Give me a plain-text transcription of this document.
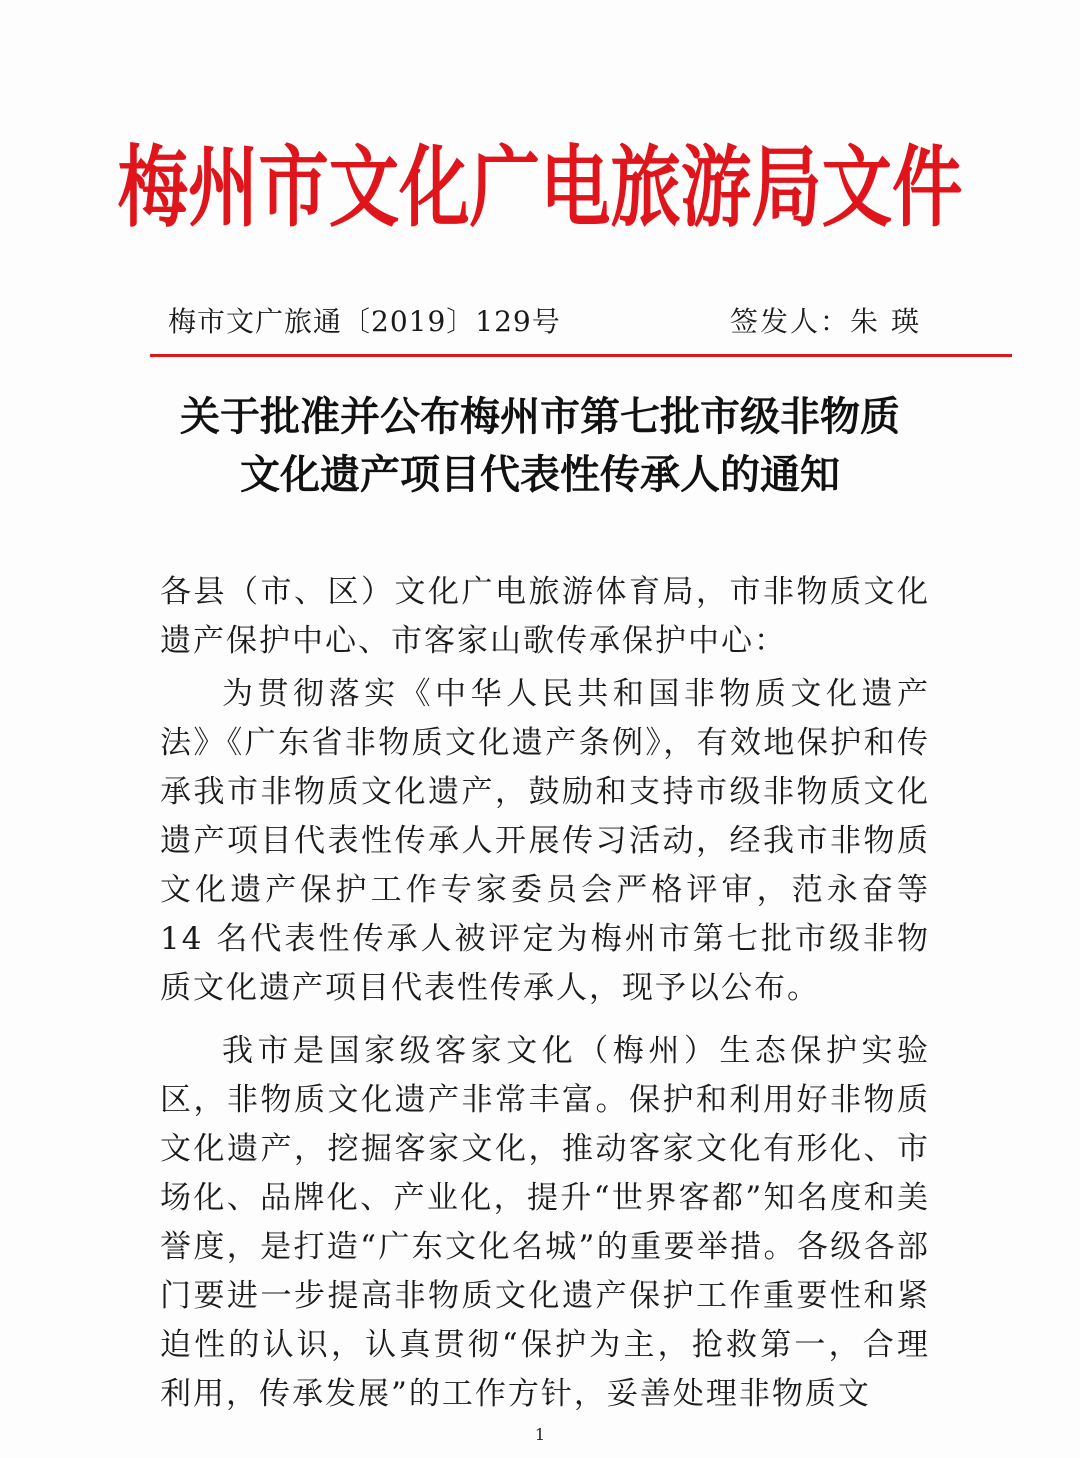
梅州市文化广电旅游局文件
梅市文广旅通〔2019〕129号	签发人：朱 瑛
关于批准并公布梅州市第七批市级非物质
文化遗产项目代表性传承人的通知

各县（市、区）文化广电旅游体育局，市非物质文化遗产保护中心、市客家山歌传承保护中心：

为贯彻落实《中华人民共和国非物质文化遗产法》《广东省非物质文化遗产条例》，有效地保护和传承我市非物质文化遗产，鼓励和支持市级非物质文化遗产项目代表性传承人开展传习活动，经我市非物质文化遗产保护工作专家委员会严格评审，范永奋等 14 名代表性传承人被评定为梅州市第七批市级非物质文化遗产项目代表性传承人，现予以公布。

我市是国家级客家文化（梅州）生态保护实验区，非物质文化遗产非常丰富。保护和利用好非物质文化遗产，挖掘客家文化，推动客家文化有形化、市场化、品牌化、产业化，提升“世界客都”知名度和美誉度，是打造“广东文化名城”的重要举措。各级各部门要进一步提高非物质文化遗产保护工作重要性和紧迫性的认识，认真贯彻“保护为主，抢救第一，合理利用，传承发展”的工作方针，妥善处理非物质文

1
